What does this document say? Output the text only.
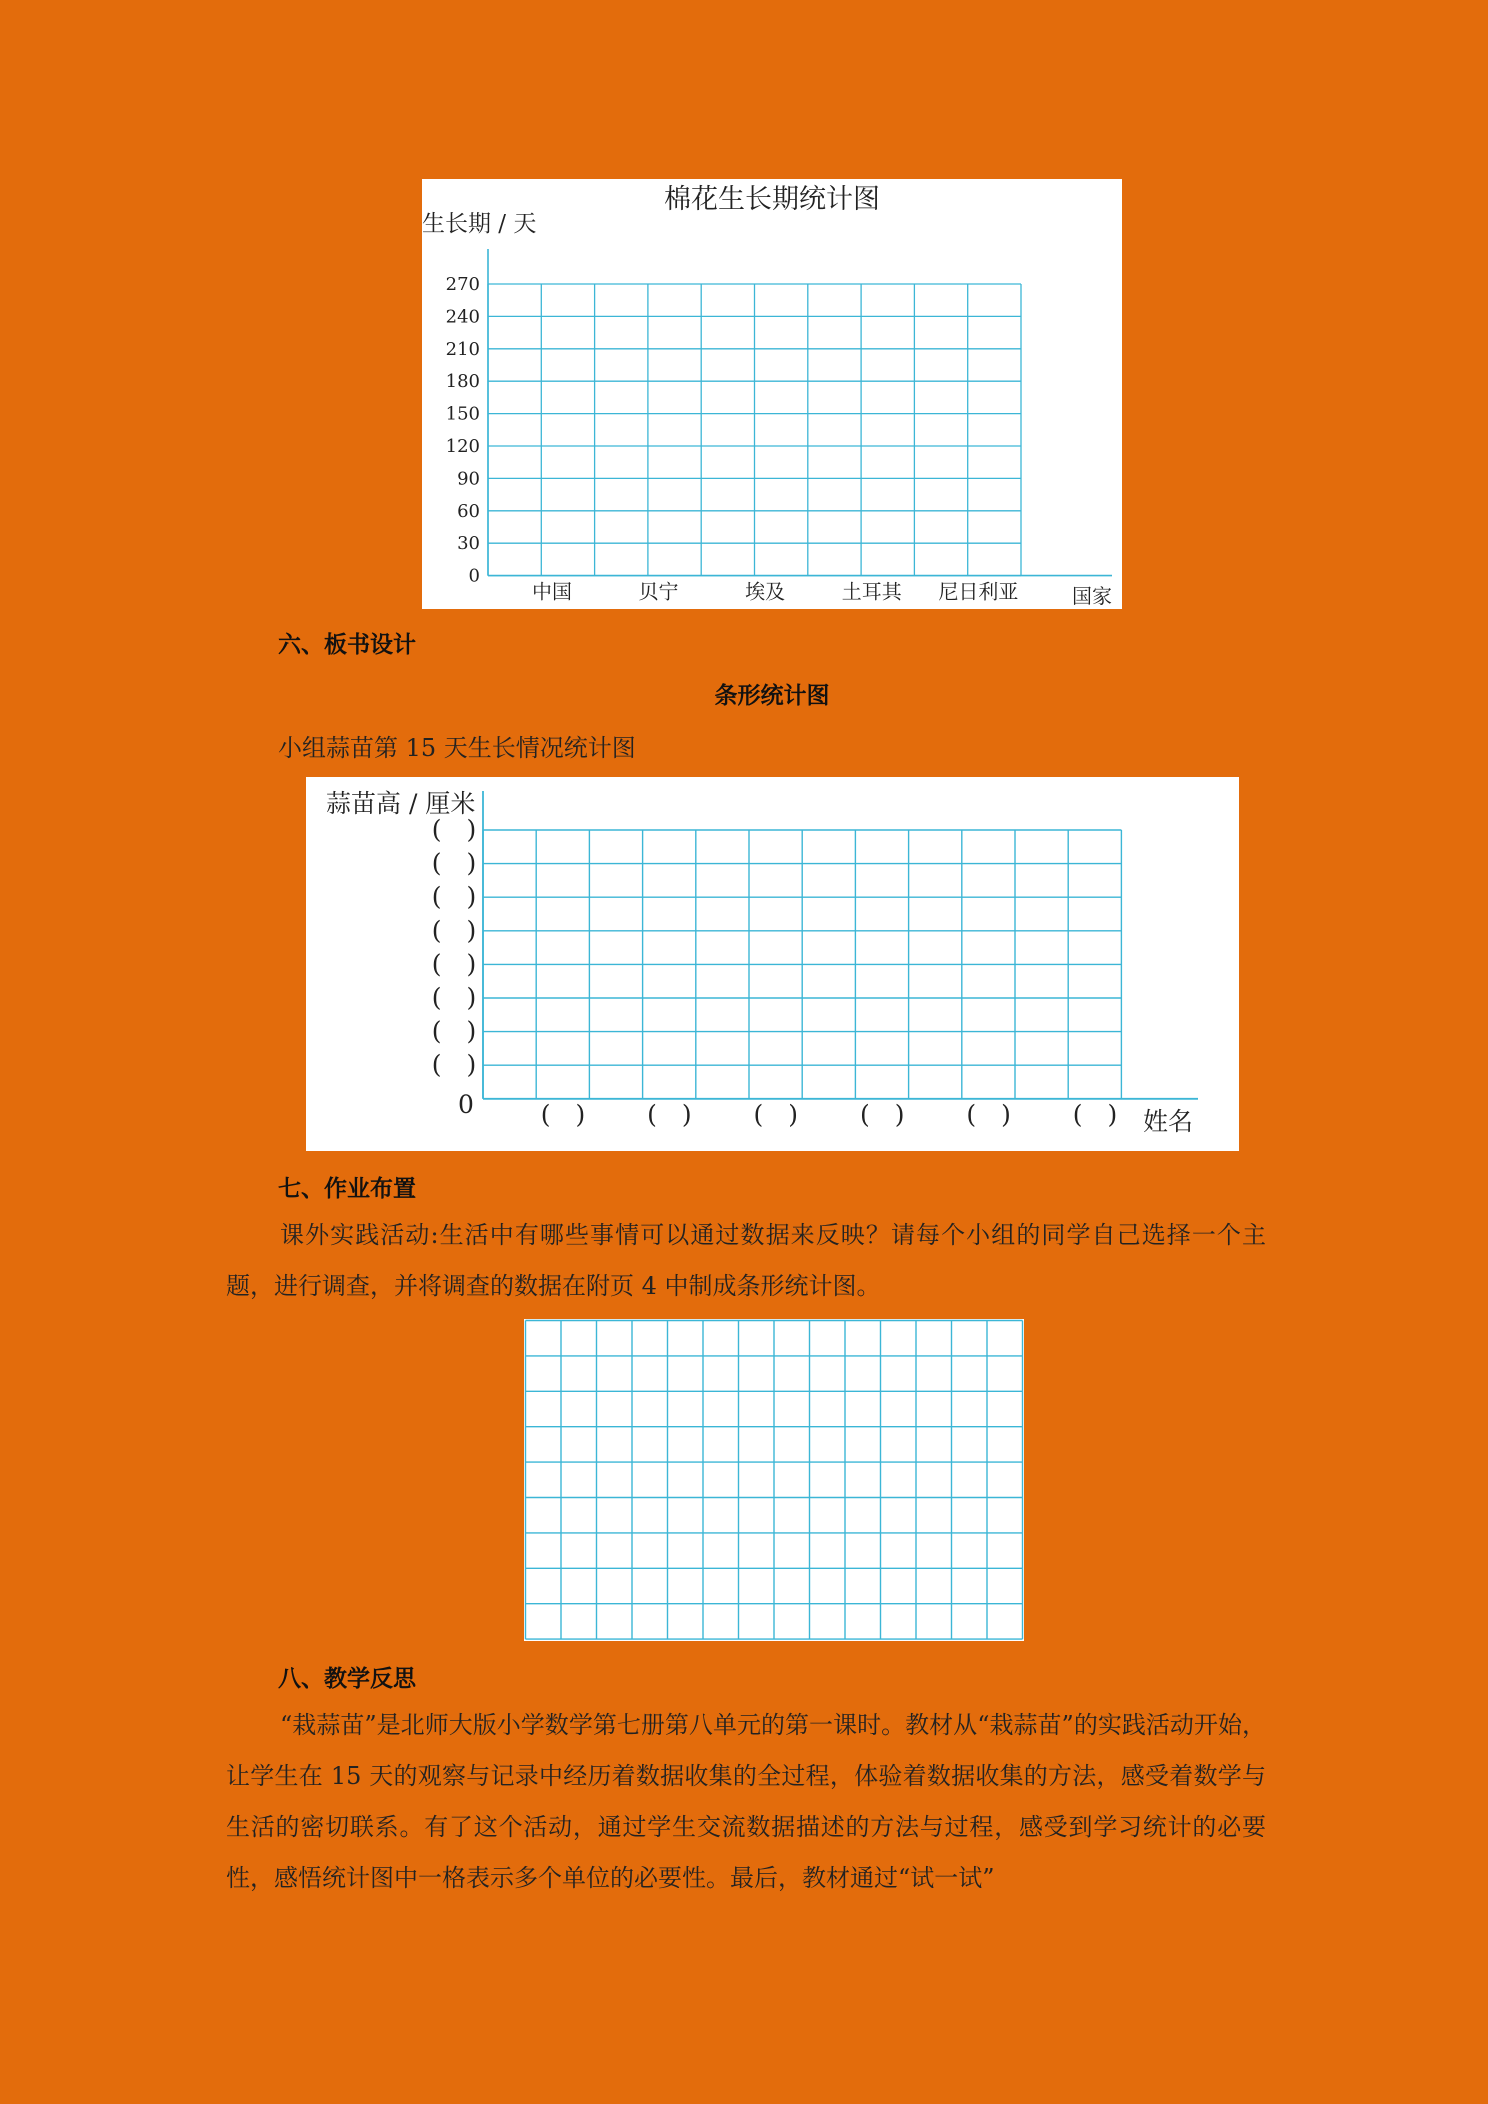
棉花生长期统计图
生长期 / 天
国家
0
30
60
90
120
150
180
210
240
270
中国	贝宁	埃及	土耳其 尼日利亚
六、板书设计
条形统计图

小组蒜苗第 15 天生长情况统计图

蒜苗高 / 厘米
姓名
0
(　)
(　)
(　)
(　)
(　)
(　)
(　)
(　)
(　) (　) (　) (　) (　) (　)
七、作业布置

课外实践活动:生活中有哪些事情可以通过数据来反映？请每个小组的同学自己选择一个主题，进行调查，并将调查的数据在附页 4 中制成条形统计图。

八、教学反思

“栽蒜苗”是北师大版小学数学第七册第八单元的第一课时。教材从“栽蒜苗”的实践活动开始，让学生在 15 天的观察与记录中经历着数据收集的全过程，体验着数据收集的方法，感受着数学与生活的密切联系。有了这个活动，通过学生交流数据描述的方法与过程，感受到学习统计的必要性，感悟统计图中一格表示多个单位的必要性。最后，教材通过“试一试”
